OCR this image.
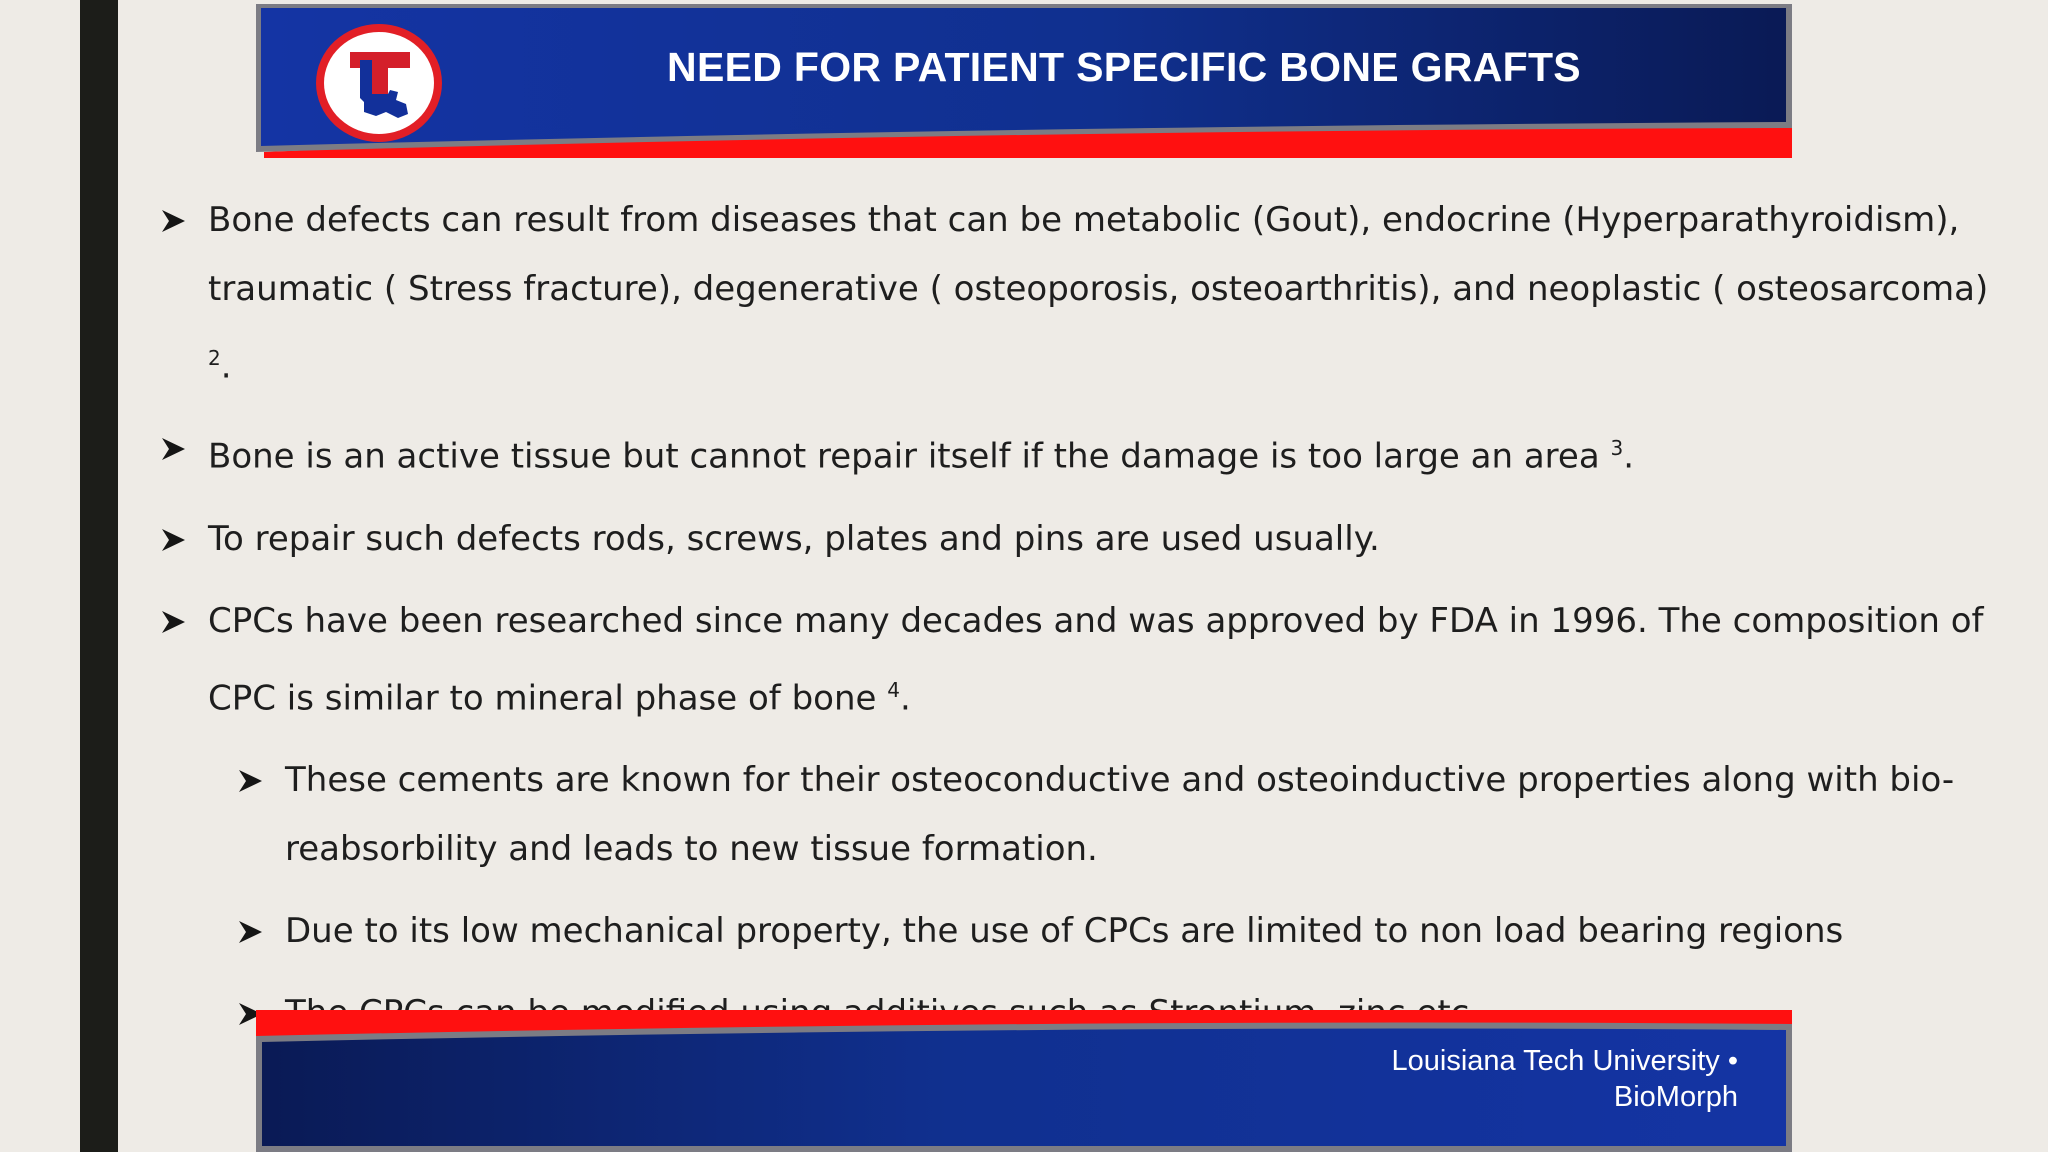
NEED FOR PATIENT SPECIFIC BONE GRAFTS
Bone defects can result from diseases that can be metabolic (Gout), endocrine (Hyperparathyroidism), traumatic ( Stress fracture), degenerative ( osteoporosis, osteoarthritis), and neoplastic ( osteosarcoma) $^2$.
Bone is an active tissue but cannot repair itself if the damage is too large an area $^3$.
To repair such defects rods, screws, plates and pins are used usually.
CPCs have been researched since many decades and was approved by FDA in 1996. The composition of CPC is similar to mineral phase of bone $^4$.
These cements are known for their osteoconductive and osteoinductive properties along with bio-reabsorbility and leads to new tissue formation.
Due to its low mechanical property, the use of CPCs are limited to non load bearing regions
Louisiana Tech University •
BioMorph
